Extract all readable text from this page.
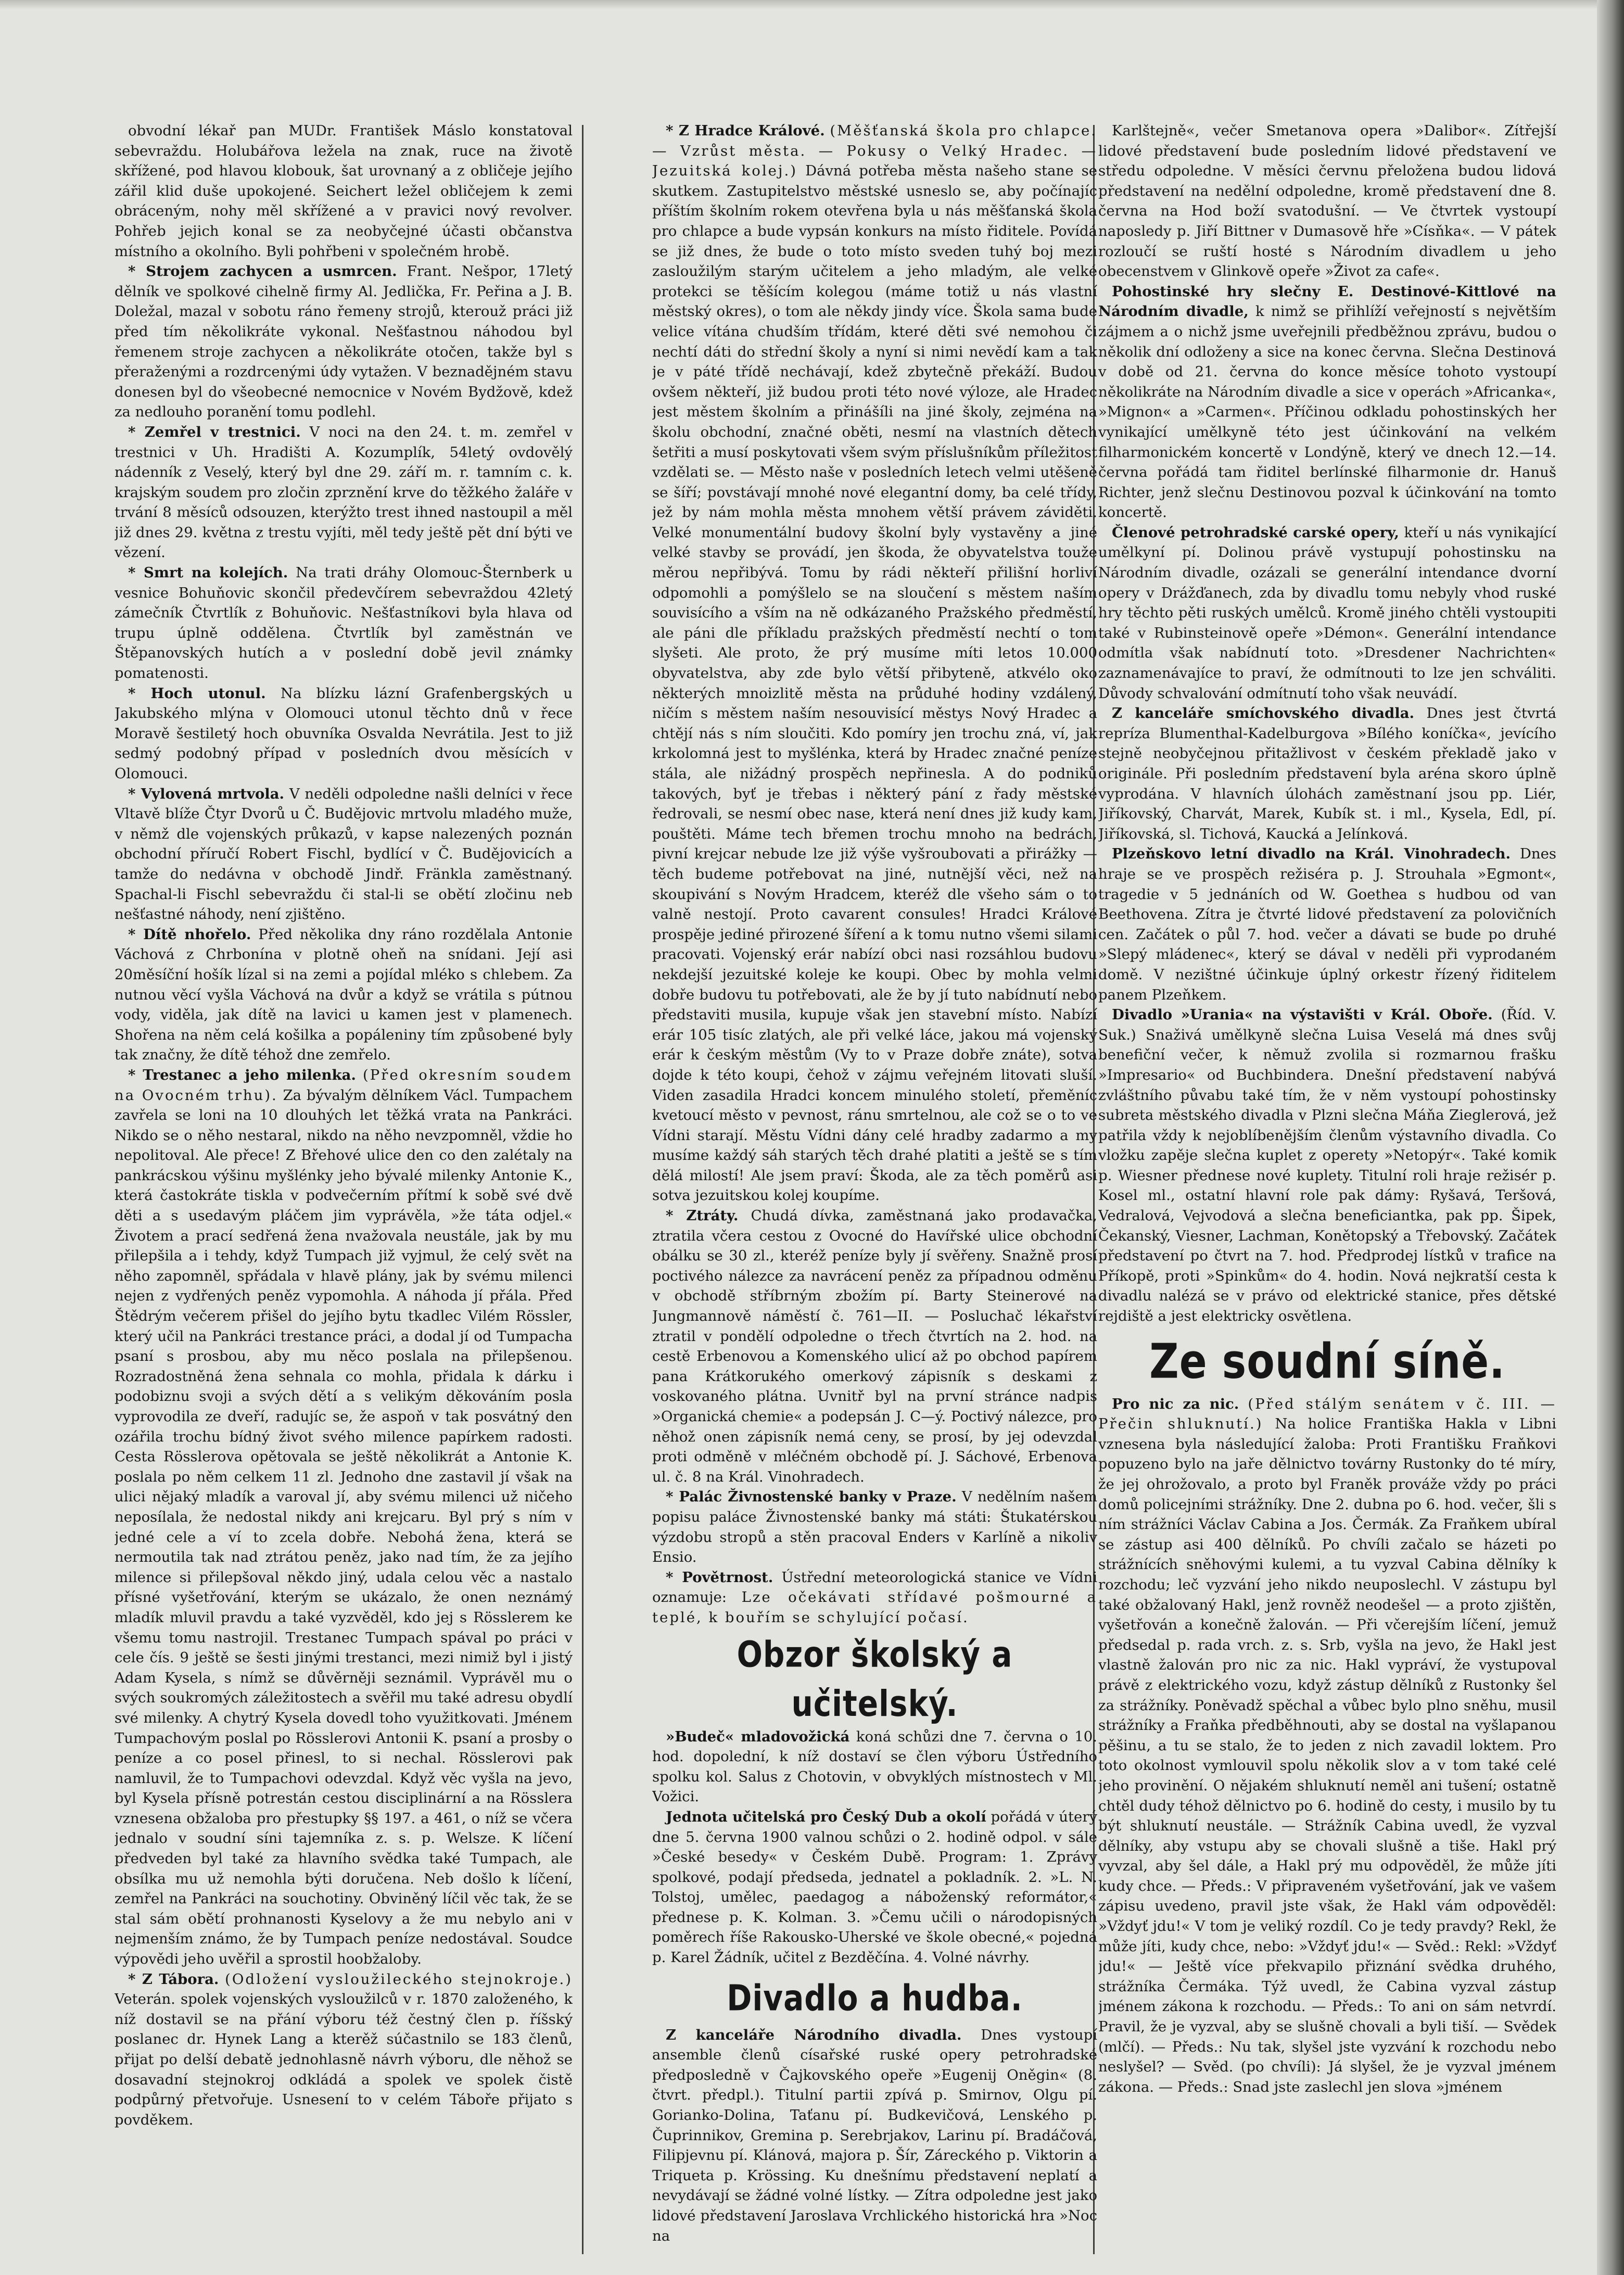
obvodní lékař pan MUDr. František Máslo konstatoval sebevraždu. Holubářova ležela na znak, ruce na životě skřížené, pod hlavou klobouk, šat urovnaný a z obličeje jejího zářil klid duše upokojené. Seichert ležel obličejem k zemi obráceným, nohy měl skřížené a v pravici nový revolver. Pohřeb jejich konal se za neobyčejné účasti občanstva místního a okolního. Byli pohřbeni v společném hrobě.

* Strojem zachycen a usmrcen. Frant. Nešpor, 17letý dělník ve spolkové cihelně firmy Al. Jedlička, Fr. Peřina a J. B. Doležal, mazal v sobotu ráno řemeny strojů, kterouž práci již před tím několikráte vykonal. Nešťastnou náhodou byl řemenem stroje zachycen a několikráte otočen, takže byl s přeraženými a rozdrcenými údy vytažen. V beznadějném stavu donesen byl do všeobecné nemocnice v Novém Bydžově, kdež za nedlouho poranění tomu podlehl.

* Zemřel v trestnici. V noci na den 24. t. m. zemřel v trestnici v Uh. Hradišti A. Kozumplík, 54letý ovdovělý nádenník z Veselý, který byl dne 29. září m. r. tamním c. k. krajským soudem pro zločin zprznění krve do těžkého žaláře v trvání 8 měsíců odsouzen, kterýžto trest ihned nastoupil a měl již dnes 29. května z trestu vyjíti, měl tedy ještě pět dní býti ve vězení.

* Smrt na kolejích. Na trati dráhy Olomouc-Šternberk u vesnice Bohuňovic skončil předevčírem sebevraždou 42letý zámečník Čtvrtlík z Bohuňovic. Nešťastníkovi byla hlava od trupu úplně oddělena. Čtvrtlík byl zaměstnán ve Štěpanovských hutích a v poslední době jevil známky pomatenosti.

* Hoch utonul. Na blízku lázní Grafenbergských u Jakubského mlýna v Olomouci utonul těchto dnů v řece Moravě šestiletý hoch obuvníka Osvalda Nevrátila. Jest to již sedmý podobný případ v posledních dvou měsících v Olomouci.

* Vylovená mrtvola. V neděli odpoledne našli delníci v řece Vltavě blíže Čtyr Dvorů u Č. Budějovic mrtvolu mladého muže, v němž dle vojenských průkazů, v kapse nalezených poznán obchodní příručí Robert Fischl, bydlící v Č. Budějovicích a tamže do nedávna v obchodě Jindř. Fränkla zaměstnaný. Spachal-li Fischl sebevraždu či stal-li se obětí zločinu neb nešťastné náhody, není zjištěno.

* Dítě nhořelo. Před několika dny ráno rozdělala Antonie Váchová z Chrbonína v plotně oheň na snídani. Její asi 20měsíční hošík lízal si na zemi a pojídal mléko s chlebem. Za nutnou věcí vyšla Váchová na dvůr a když se vrátila s pútnou vody, viděla, jak dítě na lavici u kamen jest v plamenech. Shořena na něm celá košilka a popáleniny tím způsobené byly tak značny, že dítě téhož dne zemřelo.

* Trestanec a jeho milenka. (Před okresním soudem na Ovocném trhu). Za bývalým dělníkem Václ. Tumpachem zavřela se loni na 10 dlouhých let těžká vrata na Pankráci. Nikdo se o něho nestaral, nikdo na něho nevzpomněl, vždie ho nepolitoval. Ale přece! Z Břehové ulice den co den zalétaly na pankrácskou výšinu myšlénky jeho bývalé milenky Antonie K., která častokráte tiskla v podvečerním přítmí k sobě své dvě děti a s usedavým pláčem jim vyprávěla, »že táta odjel.« Životem a prací sedřená žena nvažovala neustále, jak by mu přilepšila a i tehdy, když Tumpach již vyjmul, že celý svět na něho zapomněl, spřádala v hlavě plány, jak by svému milenci nejen z vydřených peněz vypomohla. A náhoda jí přála. Před Štědrým večerem přišel do jejího bytu tkadlec Vilém Rössler, který učil na Pankráci trestance práci, a dodal jí od Tumpacha psaní s prosbou, aby mu něco poslala na přilepšenou. Rozradostněná žena sehnala co mohla, přidala k dárku i podobiznu svoji a svých dětí a s velikým děkováním posla vyprovodila ze dveří, radujíc se, že aspoň v tak posvátný den ozářila trochu bídný život svého milence papírkem radosti. Cesta Rösslerova opětovala se ještě několikrát a Antonie K. poslala po něm celkem 11 zl. Jednoho dne zastavil jí však na ulici nějaký mladík a varoval jí, aby svému milenci už ničeho neposílala, že nedostal nikdy ani krejcaru. Byl prý s ním v jedné cele a ví to zcela dobře. Nebohá žena, která se nermoutila tak nad ztrátou peněz, jako nad tím, že za jejího milence si přilepšoval někdo jiný, udala celou věc a nastalo přísné vyšetřování, kterým se ukázalo, že onen neznámý mladík mluvil pravdu a také vyzvěděl, kdo jej s Rösslerem ke všemu tomu nastrojil. Trestanec Tumpach spával po práci v cele čís. 9 ještě se šesti jinými trestanci, mezi nimiž byl i jistý Adam Kysela, s nímž se důvěrněji seznámil. Vyprávěl mu o svých soukromých záležitostech a svěřil mu také adresu obydlí své milenky. A chytrý Kysela dovedl toho využitkovati. Jménem Tumpachovým poslal po Rösslerovi Antonii K. psaní a prosby o peníze a co posel přinesl, to si nechal. Rösslerovi pak namluvil, že to Tumpachovi odevzdal. Když věc vyšla na jevo, byl Kysela přísně potrestán cestou disciplinární a na Rösslera vznesena obžaloba pro přestupky §§ 197. a 461, o níž se včera jednalo v soudní síni tajemníka z. s. p. Welsze. K líčení předveden byl také za hlavního svědka také Tumpach, ale obsílka mu už nemohla býti doručena. Neb došlo k líčení, zemřel na Pankráci na souchotiny. Obviněný líčil věc tak, že se stal sám obětí prohnanosti Kyselovy a že mu nebylo ani v nejmenším známo, že by Tumpach peníze nedostával. Soudce výpovědi jeho uvěřil a sprostil hoobžaloby.

* Z Tábora. (Odložení vysloužileckého stejnokroje.) Veterán. spolek vojenských vysloužilců v r. 1870 založeného, k níž dostavil se na přání výboru též čestný člen p. říšský poslanec dr. Hynek Lang a kterěž súčastnilo se 183 členů, přijat po delší debatě jednohlasně návrh výboru, dle něhož se dosavadní stejnokroj odkládá a spolek ve spolek čistě podpůrný přetvořuje. Usnesení to v celém Táboře přijato s povděkem.

* Z Hradce Králové. (Měšťanská škola pro chlapce. — Vzrůst města. — Pokusy o Velký Hradec. — Jezuitská kolej.) Dávná potřeba města našeho stane se skutkem. Zastupitelstvo městské usneslo se, aby počínajíc příštím školním rokem otevřena byla u nás měšťanská škola pro chlapce a bude vypsán konkurs na místo řiditele. Povídá se již dnes, že bude o toto místo sveden tuhý boj mezi zasloužilým starým učitelem a jeho mladým, ale velké protekci se těšícím kolegou (máme totiž u nás vlastní městský okres), o tom ale někdy jindy více. Škola sama bude velice vítána chudším třídám, které děti své nemohou či nechtí dáti do střední školy a nyní si nimi nevědí kam a tak je v páté třídě nechávají, kdež zbytečně překáží. Budou ovšem někteří, již budou proti této nové výloze, ale Hradec jest městem školním a přinášíli na jiné školy, zejména na školu obchodní, značné oběti, nesmí na vlastních dětech šetřiti a musí poskytovati všem svým příslušníkům příležitost vzdělati se. — Město naše v posledních letech velmi utěšeně se šíří; povstávají mnohé nové elegantní domy, ba celé třídy, jež by nám mohla města mnohem větší právem záviděti. Velké monumentální budovy školní byly vystavěny a jiné velké stavby se provádí, jen škoda, že obyvatelstva touže měrou nepřibývá. Tomu by rádi někteří přilišní horliví odpomohli a pomýšlelo se na sloučení s městem naším souvisícího a vším na ně odkázaného Pražského předměstí, ale páni dle příkladu pražských předměstí nechtí o tom slyšeti. Ale proto, že prý musíme míti letos 10.000 obyvatelstva, aby zde bylo větší přibyteně, atkvélo oko některých mnoizlitě města na průduhé hodiny vzdálený, ničím s městem naším nesouvisící městys Nový Hradec a chtějí nás s ním sloučiti. Kdo pomíry jen trochu zná, ví, jak krkolomná jest to myšlénka, která by Hradec značné peníze stála, ale nižádný prospěch nepřinesla. A do podniků takových, byť je třebas i některý pání z řady městské ředrovali, se nesmí obec nase, která není dnes již kudy kam, pouštěti. Máme tech břemen trochu mnoho na bedrách, pivní krejcar nebude lze již výše vyšroubovati a přirážky — těch budeme potřebovat na jiné, nutnější věci, než na skoupivání s Novým Hradcem, kteréž dle všeho sám o to valně nestojí. Proto cavarent consules! Hradci Králové prospěje jediné přirozené šíření a k tomu nutno všemi silami pracovati. Vojenský erár nabízí obci nasi rozsáhlou budovu nekdejší jezuitské koleje ke koupi. Obec by mohla velmi dobře budovu tu potřebovati, ale že by jí tuto nabídnutí nebo představiti musila, kupuje však jen stavební místo. Nabízí erár 105 tisíc zlatých, ale při velké láce, jakou má vojenský erár k českým městům (Vy to v Praze dobře znáte), sotva dojde k této koupi, čehož v zájmu veřejném litovati sluší. Viden zasadila Hradci koncem minulého století, přeměníc kvetoucí město v pevnost, ránu smrtelnou, ale což se o to ve Vídni starají. Městu Vídni dány celé hradby zadarmo a my musíme každý sáh starých těch drahé platiti a ještě se s tím dělá milostí! Ale jsem praví: Škoda, ale za těch poměrů asi sotva jezuitskou kolej koupíme.

* Ztráty. Chudá dívka, zaměstnaná jako prodavačka, ztratila včera cestou z Ovocné do Havířské ulice obchodní obálku se 30 zl., kteréž peníze byly jí svěřeny. Snažně prosí poctivého nálezce za navrácení peněz za případnou odměnu v obchodě stříbrným zbožím pí. Barty Steinerové na Jungmannově náměstí č. 761—II. — Posluchač lékařství ztratil v pondělí odpoledne o třech čtvrtích na 2. hod. na cestě Erbenovou a Komenského ulicí až po obchod papírem pana Krátkorukého omerkový zápisník s deskami z voskovaného plátna. Uvnitř byl na první stránce nadpis »Organická chemie« a podepsán J. C—ý. Poctivý nálezce, pro něhož onen zápisník nemá ceny, se prosí, by jej odevzdal proti odměně v mléčném obchodě pí. J. Sáchové, Erbenova ul. č. 8 na Král. Vinohradech.

* Palác Živnostenské banky v Praze. V nedělním našem popisu paláce Živnostenské banky má státi: Štukatérskou výzdobu stropů a stěn pracoval Enders v Karlíně a nikoliv Ensio.

* Povětrnost. Ústřední meteorologická stanice ve Vídni oznamuje: Lze očekávati střídavé pošmourné a teplé, k bouřím se schylující počasí.

Obzor školský a učitelský.

»Budeč« mladovožická koná schůzi dne 7. června o 10. hod. dopolední, k níž dostaví se člen výboru Ústředního spolku kol. Salus z Chotovin, v obvyklých místnostech v Ml. Vožici.

Jednota učitelská pro Český Dub a okolí pořádá v úterý dne 5. června 1900 valnou schůzi o 2. hodině odpol. v sále »České besedy« v Českém Dubě. Program: 1. Zprávy spolkové, podají předseda, jednatel a pokladník. 2. »L. N. Tolstoj, umělec, paedagog a náboženský reformátor,« přednese p. K. Kolman. 3. »Čemu učili o národopisných poměrech říše Rakousko-Uherské ve škole obecné,« pojedná p. Karel Žádník, učitel z Bezděčína. 4. Volné návrhy.

Divadlo a hudba.

Z kanceláře Národního divadla. Dnes vystoupí ansemble členů císařské ruské opery petrohradské předposledně v Čajkovského opeře »Eugenij Oněgin« (8. čtvrt. předpl.). Titulní partii zpívá p. Smirnov, Olgu pí. Gorianko-Dolina, Taťanu pí. Budkevičová, Lenského p. Čuprinnikov, Gremina p. Serebrjakov, Larinu pí. Bradáčová, Filipjevnu pí. Klánová, majora p. Šír, Záreckého p. Viktorin a Triqueta p. Krössing. Ku dnešnímu představení neplatí a nevydávají se žádné volné lístky. — Zítra odpoledne jest jako lidové představení Jaroslava Vrchlického historická hra »Noc na

Karlštejně«, večer Smetanova opera »Dalibor«. Zítřejší lidové představení bude posledním lidové představení ve středu odpoledne. V měsíci červnu přeložena budou lidová představení na nedělní odpoledne, kromě představení dne 8. června na Hod boží svatodušní. — Ve čtvrtek vystoupí naposledy p. Jiří Bittner v Dumasově hře »Císňka«. — V pátek rozloučí se ruští hosté s Národním divadlem u jeho obecenstvem v Glinkově opeře »Život za cafe«.

Pohostinské hry slečny E. Destinové-Kittlové na Národním divadle, k nimž se přihlíží veřejností s největším zájmem a o nichž jsme uveřejnili předběžnou zprávu, budou o několik dní odloženy a sice na konec června. Slečna Destinová v době od 21. června do konce měsíce tohoto vystoupí několikráte na Národním divadle a sice v operách »Africanka«, »Mignon« a »Carmen«. Příčinou odkladu pohostinských her vynikající umělkyně této jest účinkování na velkém filharmonickém koncertě v Londýně, který ve dnech 12.—14. června pořádá tam řiditel berlínské filharmonie dr. Hanuš Richter, jenž slečnu Destinovou pozval k účinkování na tomto koncertě.

Členové petrohradské carské opery, kteří u nás vynikající umělkyní pí. Dolinou právě vystupují pohostinsku na Národním divadle, ozázali se generální intendance dvorní opery v Drážďanech, zda by divadlu tomu nebyly vhod ruské hry těchto pěti ruských umělců. Kromě jiného chtěli vystoupiti také v Rubinsteinově opeře »Démon«. Generální intendance odmítla však nabídnutí toto. »Dresdener Nachrichten« zaznamenávajíce to praví, že odmítnouti to lze jen schváliti. Důvody schvalování odmítnutí toho však neuvádí.

Z kanceláře smíchovského divadla. Dnes jest čtvrtá repríza Blumenthal-Kadelburgova »Bílého koníčka«, jevícího stejně neobyčejnou přitažlivost v českém překladě jako v originále. Při posledním představení byla aréna skoro úplně vyprodána. V hlavních úlohách zaměstnaní jsou pp. Liér, Jiříkovský, Charvát, Marek, Kubík st. i ml., Kysela, Edl, pí. Jiříkovská, sl. Tichová, Kaucká a Jelínková.

Plzeňskovo letní divadlo na Král. Vinohradech. Dnes hraje se ve prospěch režiséra p. J. Strouhala »Egmont«, tragedie v 5 jednáních od W. Goethea s hudbou od van Beethovena. Zítra je čtvrté lidové představení za polovičních cen. Začátek o půl 7. hod. večer a dávati se bude po druhé »Slepý mládenec«, který se dával v neděli při vyprodaném domě. V nezištné účinkuje úplný orkestr řízený řiditelem panem Plzeňkem.

Divadlo »Urania« na výstavišti v Král. Oboře. (Říd. V. Suk.) Snaživá umělkyně slečna Luisa Veselá má dnes svůj benefiční večer, k němuž zvolila si rozmarnou frašku »Impresario« od Buchbindera. Dnešní představení nabývá zvláštního půvabu také tím, že v něm vystoupí pohostinsky subreta městského divadla v Plzni slečna Máňa Zieglerová, jež patřila vždy k nejoblíbenějším členům výstavního divadla. Co vložku zapěje slečna kuplet z operety »Netopýr«. Také komik p. Wiesner přednese nové kuplety. Titulní roli hraje režisér p. Kosel ml., ostatní hlavní role pak dámy: Ryšavá, Teršová, Vedralová, Vejvodová a slečna beneficiantka, pak pp. Šipek, Čekanský, Viesner, Lachman, Konětopský a Třebovský. Začátek představení po čtvrt na 7. hod. Předprodej lístků v trafice na Příkopě, proti »Spinkům« do 4. hodin. Nová nejkratší cesta k divadlu nalézá se v právo od elektrické stanice, přes dětské rejdiště a jest elektricky osvětlena.

Ze soudní síně.

Pro nic za nic. (Před stálým senátem v č. III. — Přečin shluknutí.) Na holice Františka Hakla v Libni vznesena byla následující žaloba: Proti Františku Fraňkovi popuzeno bylo na jaře dělnictvo továrny Rustonky do té míry, že jej ohrožovalo, a proto byl Franěk prováže vždy po práci domů policejními strážníky. Dne 2. dubna po 6. hod. večer, šli s ním strážníci Václav Cabina a Jos. Čermák. Za Fraňkem ubíral se zástup asi 400 dělníků. Po chvíli začalo se házeti po strážnících sněhovými kulemi, a tu vyzval Cabina dělníky k rozchodu; leč vyzvání jeho nikdo neuposlechl. V zástupu byl také obžalovaný Hakl, jenž rovněž neodešel — a proto zjištěn, vyšetřován a konečně žalován. — Při včerejším líčení, jemuž předsedal p. rada vrch. z. s. Srb, vyšla na jevo, že Hakl jest vlastně žalován pro nic za nic. Hakl vypráví, že vystupoval právě z elektrického vozu, když zástup dělníků z Rustonky šel za strážníky. Poněvadž spěchal a vůbec bylo plno sněhu, musil strážníky a Fraňka předběhnouti, aby se dostal na vyšlapanou pěšinu, a tu se stalo, že to jeden z nich zavadil loktem. Pro toto okolnost vymlouvil spolu několik slov a v tom také celé jeho provinění. O nějakém shluknutí neměl ani tušení; ostatně chtěl dudy téhož dělnictvo po 6. hodině do cesty, i musilo by tu být shluknutí neustále. — Strážník Cabina uvedl, že vyzval dělníky, aby vstupu aby se chovali slušně a tiše. Hakl prý vyvzal, aby šel dále, a Hakl prý mu odpověděl, že může jíti kudy chce. — Předs.: V připraveném vyšetřování, jak ve vašem zápisu uvedeno, pravil jste však, že Hakl vám odpověděl: »Vždyť jdu!« V tom je veliký rozdíl. Co je tedy pravdy? Rekl, že může jíti, kudy chce, nebo: »Vždyť jdu!« — Svěd.: Rekl: »Vždyť jdu!« — Ještě více překvapilo přiznání svědka druhého, strážníka Čermáka. Týž uvedl, že Cabina vyzval zástup jménem zákona k rozchodu. — Předs.: To ani on sám netvrdí. Pravil, že je vyzval, aby se slušně chovali a byli tiší. — Svědek (mlčí). — Předs.: Nu tak, slyšel jste vyzvání k rozchodu nebo neslyšel? — Svěd. (po chvíli): Já slyšel, že je vyzval jménem zákona. — Předs.: Snad jste zaslechl jen slova »jménem
